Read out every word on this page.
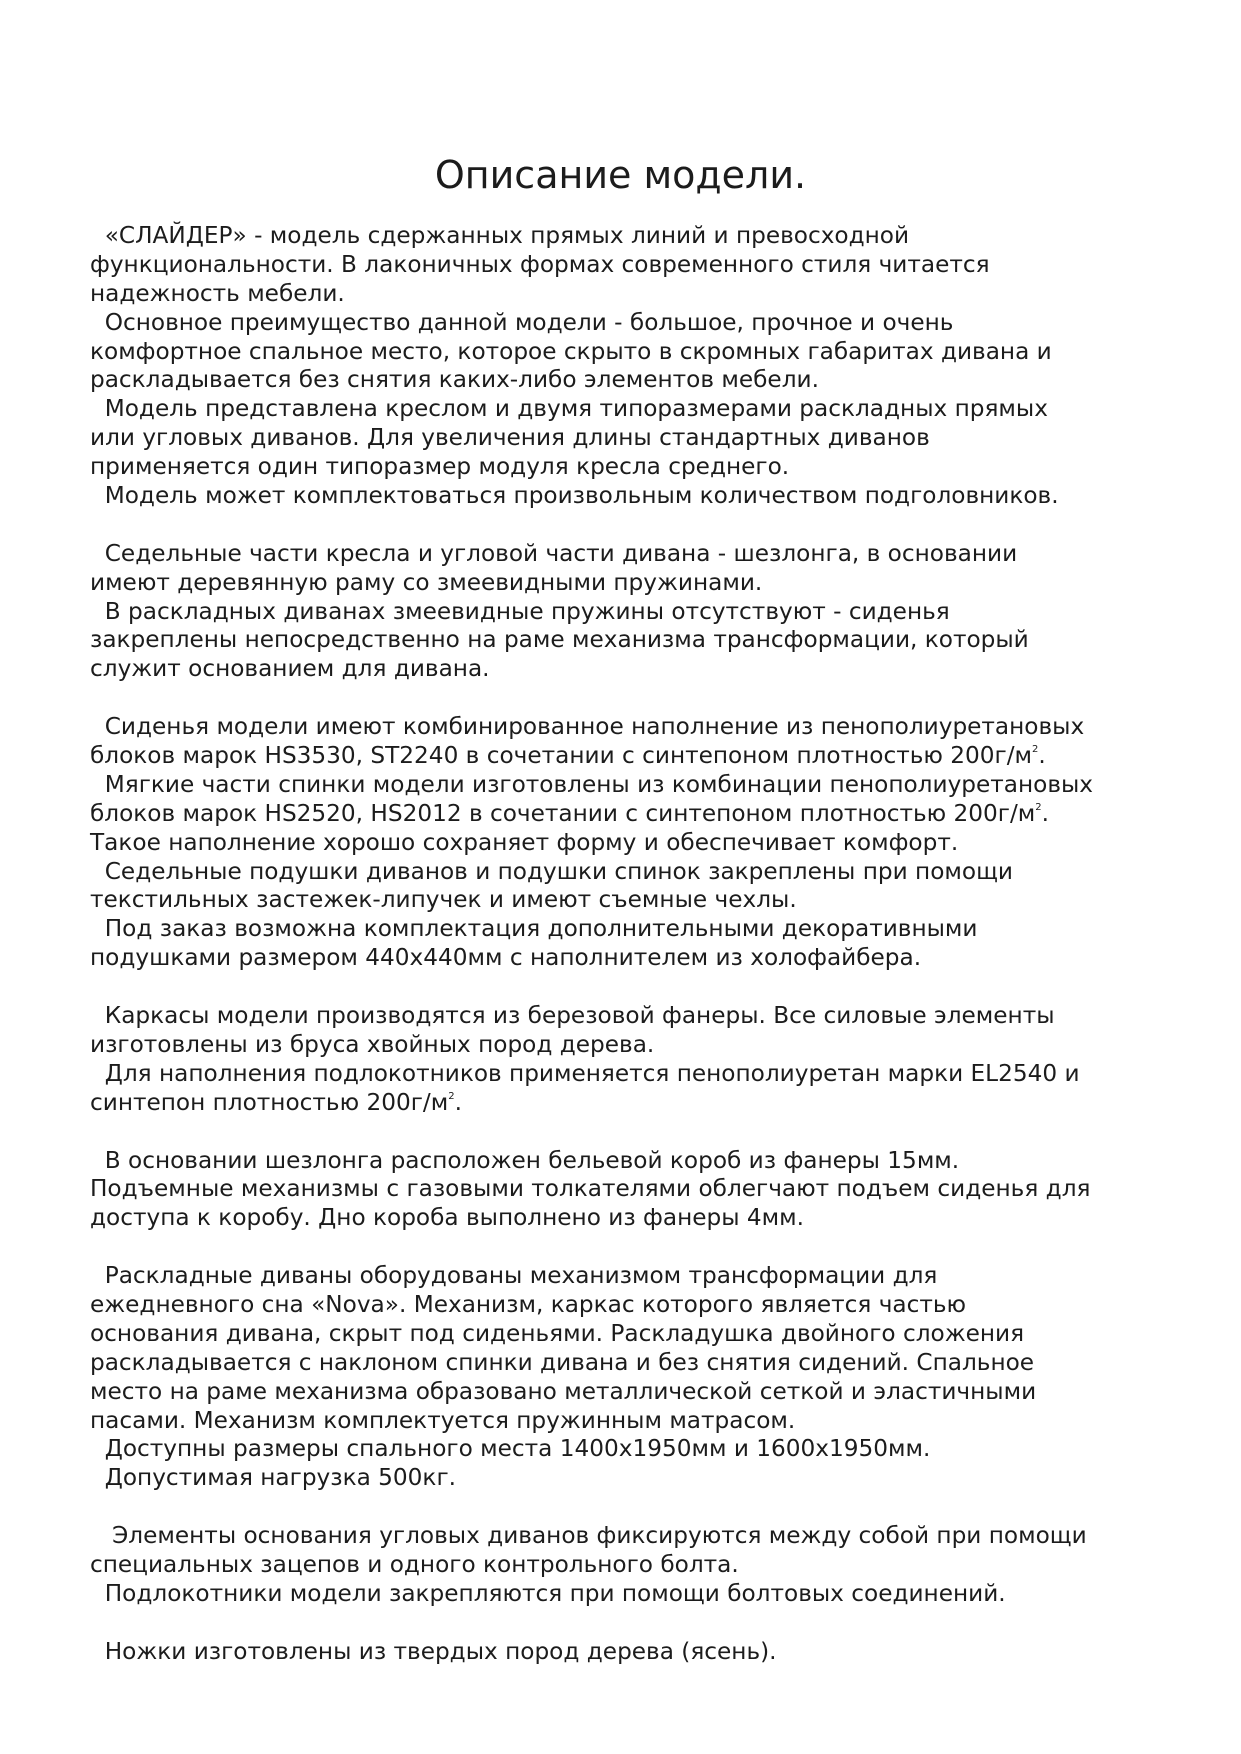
Описание модели.
«СЛАЙДЕР» - модель сдержанных прямых линий и превосходной
функциональности. В лаконичных формах современного стиля читается
надежность мебели.
Основное преимущество данной модели - большое, прочное и очень
комфортное спальное место, которое скрыто в скромных габаритах дивана и
раскладывается без снятия каких-либо элементов мебели.
Модель представлена креслом и двумя типоразмерами раскладных прямых
или угловых диванов. Для увеличения длины стандартных диванов
применяется один типоразмер модуля кресла среднего.
Модель может комплектоваться произвольным количеством подголовников.
Седельные части кресла и угловой части дивана - шезлонга, в основании
имеют деревянную раму со змеевидными пружинами.
В раскладных диванах змеевидные пружины отсутствуют - сиденья
закреплены непосредственно на раме механизма трансформации, который
служит основанием для дивана.
Сиденья модели имеют комбинированное наполнение из пенополиуретановых
блоков марок HS3530, ST2240 в сочетании с синтепоном плотностью $200г/м^2$.
Мягкие части спинки модели изготовлены из комбинации пенополиуретановых
блоков марок HS2520, HS2012 в сочетании с синтепоном плотностью $200г/м^2$.
Такое наполнение хорошо сохраняет форму и обеспечивает комфорт.
Седельные подушки диванов и подушки спинок закреплены при помощи
текстильных застежек-липучек и имеют съемные чехлы.
Под заказ возможна комплектация дополнительными декоративными
подушками размером 440х440мм с наполнителем из холофайбера.
Каркасы модели производятся из березовой фанеры. Все силовые элементы
изготовлены из бруса хвойных пород дерева.
Для наполнения подлокотников применяется пенополиуретан марки EL2540 и
синтепон плотностью $200г/м^2$.
В основании шезлонга расположен бельевой короб из фанеры 15мм.
Подъемные механизмы с газовыми толкателями облегчают подъем сиденья для
доступа к коробу. Дно короба выполнено из фанеры 4мм.
Раскладные диваны оборудованы механизмом трансформации для
ежедневного сна «Nova». Механизм, каркас которого является частью
основания дивана, скрыт под сиденьями. Раскладушка двойного сложения
раскладывается с наклоном спинки дивана и без снятия сидений. Спальное
место на раме механизма образовано металлической сеткой и эластичными
пасами. Механизм комплектуется пружинным матрасом.
Доступны размеры спального места 1400х1950мм и 1600х1950мм.
Допустимая нагрузка 500кг.
Элементы основания угловых диванов фиксируются между собой при помощи
специальных зацепов и одного контрольного болта.
Подлокотники модели закрепляются при помощи болтовых соединений.
Ножки изготовлены из твердых пород дерева (ясень).
